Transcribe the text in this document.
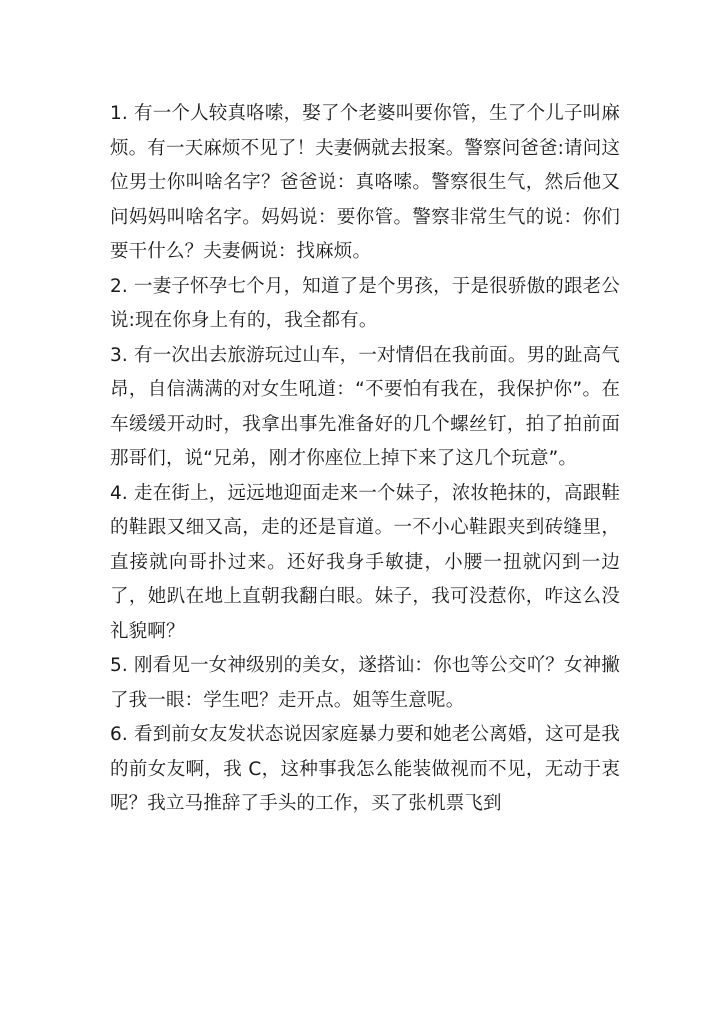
1. 有一个人较真咯嗦，娶了个老婆叫要你管，生了个儿子叫麻烦。有一天麻烦不见了！夫妻俩就去报案。警察问爸爸:请问这位男士你叫啥名字？爸爸说：真咯嗦。警察很生气，然后他又问妈妈叫啥名字。妈妈说：要你管。警察非常生气的说：你们要干什么？夫妻俩说：找麻烦。

2. 一妻子怀孕七个月，知道了是个男孩，于是很骄傲的跟老公说:现在你身上有的，我全都有。

3. 有一次出去旅游玩过山车，一对情侣在我前面。男的趾高气昂，自信满满的对女生吼道：“不要怕有我在，我保护你”。在车缓缓开动时，我拿出事先准备好的几个螺丝钉，拍了拍前面那哥们，说“兄弟，刚才你座位上掉下来了这几个玩意”。

4. 走在街上，远远地迎面走来一个妹子，浓妆艳抹的，高跟鞋的鞋跟又细又高，走的还是盲道。一不小心鞋跟夹到砖缝里，直接就向哥扑过来。还好我身手敏捷，小腰一扭就闪到一边了，她趴在地上直朝我翻白眼。妹子，我可没惹你，咋这么没礼貌啊？

5. 刚看见一女神级别的美女，遂搭讪：你也等公交吖？女神撇了我一眼：学生吧？走开点。姐等生意呢。

6. 看到前女友发状态说因家庭暴力要和她老公离婚，这可是我的前女友啊，我 C，这种事我怎么能装做视而不见，无动于衷呢？我立马推辞了手头的工作，买了张机票飞到
